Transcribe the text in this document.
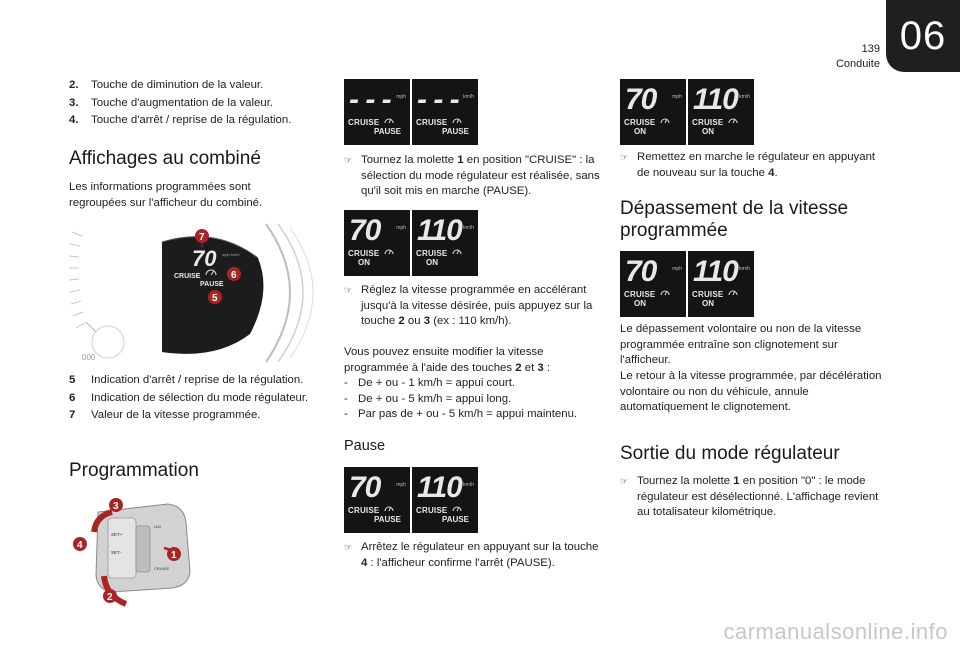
139
Conduite
06
2.	Touche de diminution de la valeur.
3.	Touche d'augmentation de la valeur.
4.	Touche d'arrêt / reprise de la régulation.
Affichages au combiné
Les informations programmées sont regroupées sur l'afficheur du combiné.
000
70 mph km/h
CRUISE
PAUSE
7
6
5
5	Indication d'arrêt / reprise de la régulation.
6	Indication de sélection du mode régulateur.
7	Valeur de la vitesse programmée.
Programmation
SET+
SET-
LIM
CRUISE
3
4
1
2
- - - mph
CRUISE
PAUSE
- - - km/h
CRUISE
PAUSE
☞ Tournez la molette 1 en position "CRUISE" : la sélection du mode régulateur est réalisée, sans qu'il soit mis en marche (PAUSE).
70	mph
CRUISE
ON
110 km/h
CRUISE
ON
☞ Réglez la vitesse programmée en accélérant jusqu'à la vitesse désirée, puis appuyez sur la touche 2 ou 3 (ex : 110 km/h).
Vous pouvez ensuite modifier la vitesse programmée à l'aide des touches 2 et 3 :
- De + ou - 1 km/h = appui court.
- De + ou - 5 km/h = appui long.
- Par pas de + ou - 5 km/h = appui maintenu.
Pause
70	mph
CRUISE
PAUSE
110 km/h
CRUISE
PAUSE
☞ Arrêtez le régulateur en appuyant sur la touche 4 : l'afficheur confirme l'arrêt (PAUSE).
70	mph
CRUISE
ON
110 km/h
CRUISE
ON
☞ Remettez en marche le régulateur en appuyant de nouveau sur la touche 4.
Dépassement de la vitesse programmée
70	mph
CRUISE
ON
110 km/h
CRUISE
ON
Le dépassement volontaire ou non de la vitesse programmée entraîne son clignotement sur l'afficheur.
Le retour à la vitesse programmée, par décélération volontaire ou non du véhicule, annule automatiquement le clignotement.
Sortie du mode régulateur
☞ Tournez la molette 1 en position "0" : le mode régulateur est désélectionné. L'affichage revient au totalisateur kilométrique.
carmanualsonline.info
